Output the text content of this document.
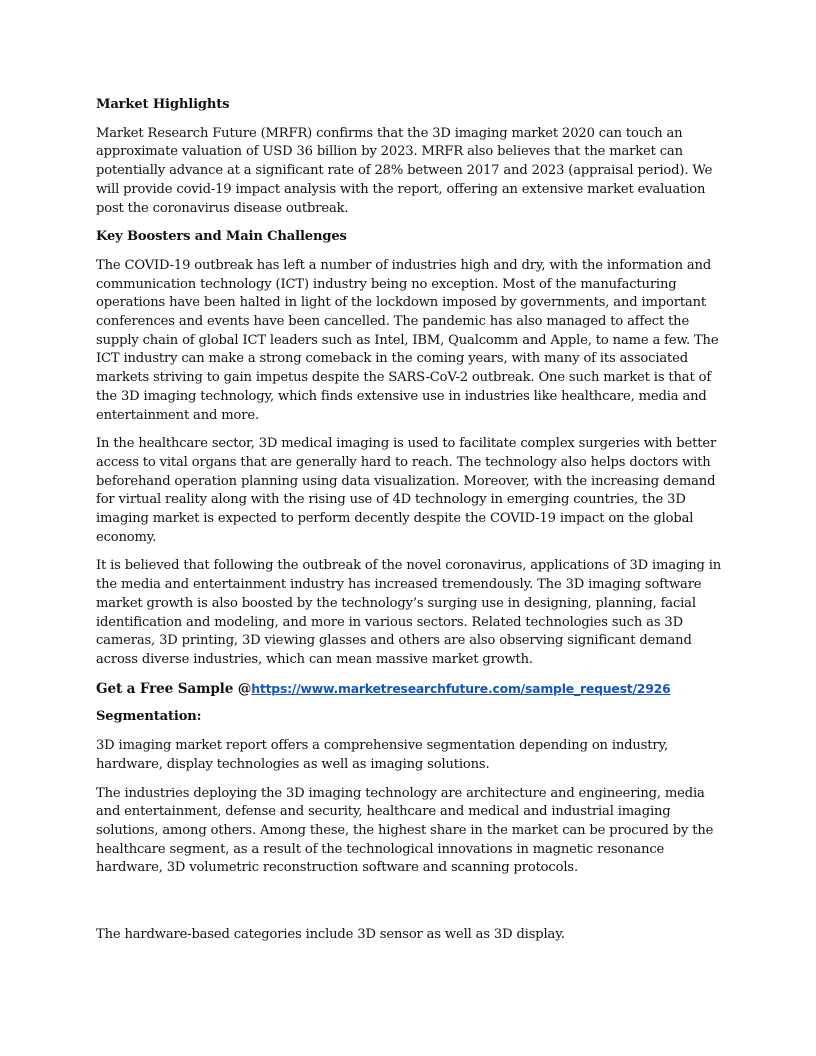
Market Highlights

Market Research Future (MRFR) confirms that the 3D imaging market 2020 can touch an approximate valuation of USD 36 billion by 2023. MRFR also believes that the market can potentially advance at a significant rate of 28% between 2017 and 2023 (appraisal period). We will provide covid-19 impact analysis with the report, offering an extensive market evaluation post the coronavirus disease outbreak.

Key Boosters and Main Challenges

The COVID-19 outbreak has left a number of industries high and dry, with the information and communication technology (ICT) industry being no exception. Most of the manufacturing operations have been halted in light of the lockdown imposed by governments, and important conferences and events have been cancelled. The pandemic has also managed to affect the supply chain of global ICT leaders such as Intel, IBM, Qualcomm and Apple, to name a few. The ICT industry can make a strong comeback in the coming years, with many of its associated markets striving to gain impetus despite the SARS-CoV-2 outbreak. One such market is that of the 3D imaging technology, which finds extensive use in industries like healthcare, media and entertainment and more.

In the healthcare sector, 3D medical imaging is used to facilitate complex surgeries with better access to vital organs that are generally hard to reach. The technology also helps doctors with beforehand operation planning using data visualization. Moreover, with the increasing demand for virtual reality along with the rising use of 4D technology in emerging countries, the 3D imaging market is expected to perform decently despite the COVID-19 impact on the global economy.

It is believed that following the outbreak of the novel coronavirus, applications of 3D imaging in the media and entertainment industry has increased tremendously. The 3D imaging software market growth is also boosted by the technology’s surging use in designing, planning, facial identification and modeling, and more in various sectors. Related technologies such as 3D cameras, 3D printing, 3D viewing glasses and others are also observing significant demand across diverse industries, which can mean massive market growth.

Get a Free Sample @https://www.marketresearchfuture.com/sample_request/2926
Segmentation:

3D imaging market report offers a comprehensive segmentation depending on industry, hardware, display technologies as well as imaging solutions.

The industries deploying the 3D imaging technology are architecture and engineering, media and entertainment, defense and security, healthcare and medical and industrial imaging solutions, among others. Among these, the highest share in the market can be procured by the healthcare segment, as a result of the technological innovations in magnetic resonance hardware, 3D volumetric reconstruction software and scanning protocols.

The hardware-based categories include 3D sensor as well as 3D display.
